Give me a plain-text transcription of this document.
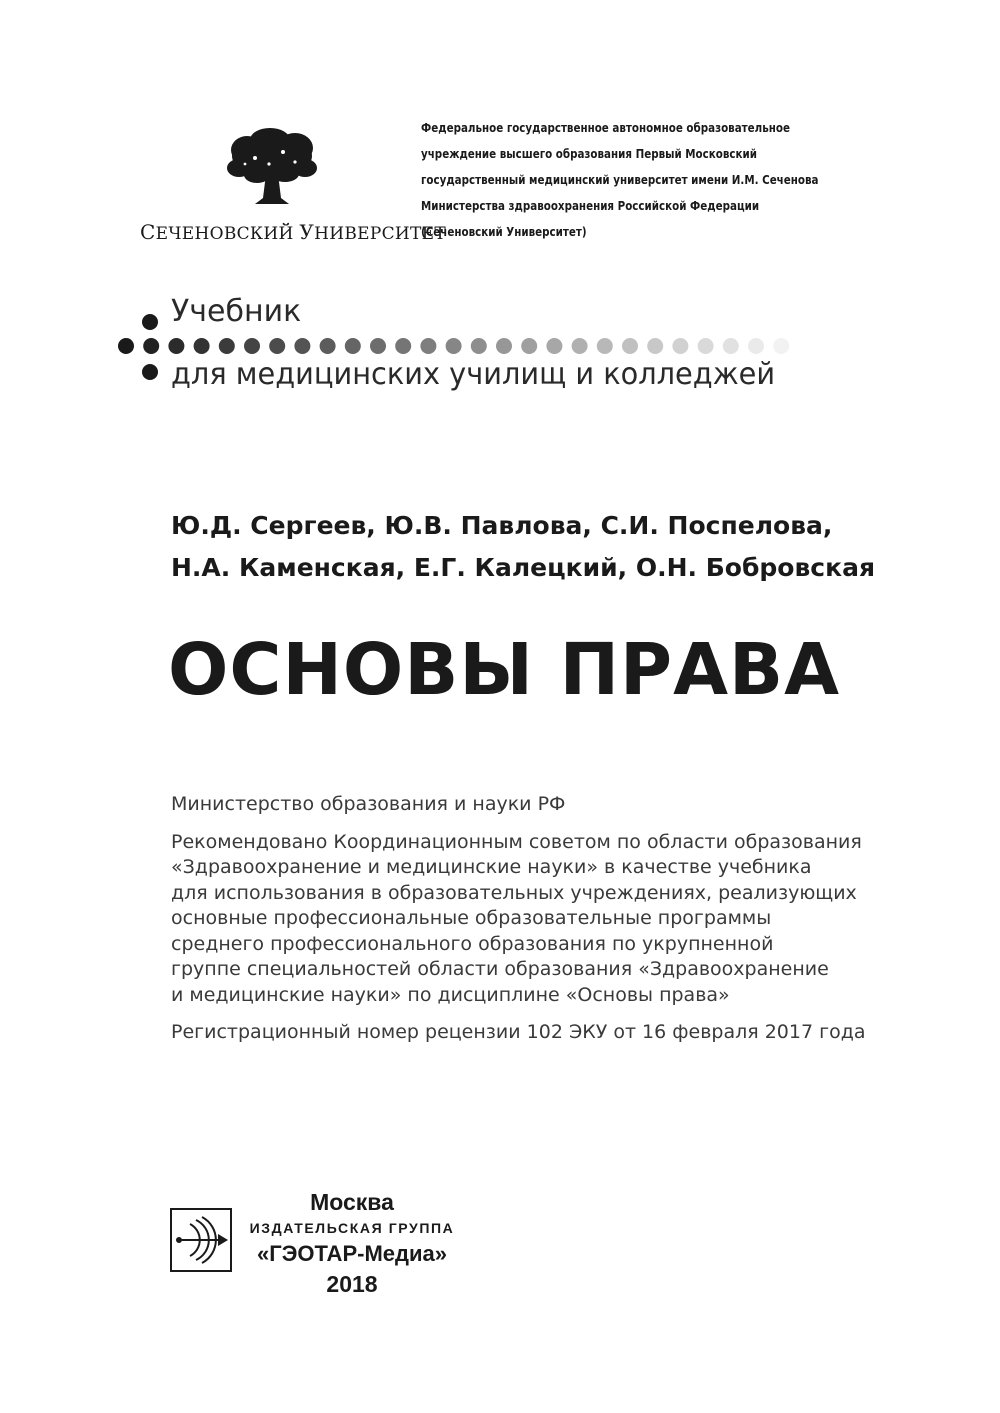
СЕЧЕНОВСКИЙ УНИВЕРСИТЕТ
Федеральное государственное автономное образовательное
учреждение высшего образования Первый Московский
государственный медицинский университет имени И.М. Сеченова
Министерства здравоохранения Российской Федерации
(Сеченовский Университет)
Учебник
для медицинских училищ и колледжей
Ю.Д. Сергеев, Ю.В. Павлова, С.И. Поспелова,
Н.А. Каменская, Е.Г. Калецкий, О.Н. Бобровская
ОСНОВЫ ПРАВА

Министерство образования и науки РФ

Рекомендовано Координационным советом по области образования

«Здравоохранение и медицинские науки» в качестве учебника

для использования в образовательных учреждениях, реализующих

основные профессиональные образовательные программы

среднего профессионального образования по укрупненной

группе специальностей области образования «Здравоохранение

и медицинские науки» по дисциплине «Основы права»

Регистрационный номер рецензии 102 ЭКУ от 16 февраля 2017 года

Москва
ИЗДАТЕЛЬСКАЯ ГРУППА
«ГЭОТАР-Медиа»
2018
